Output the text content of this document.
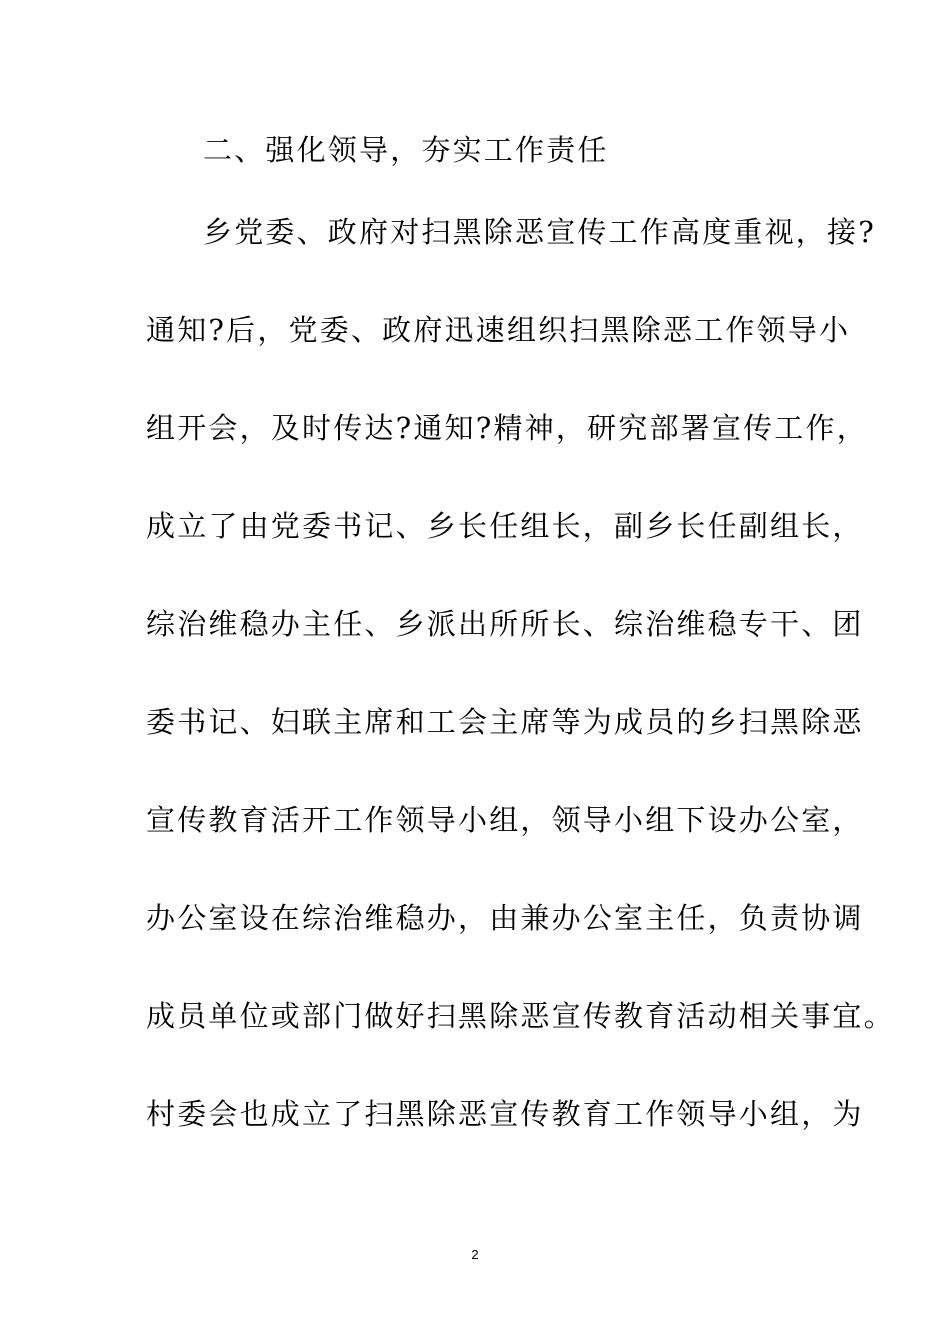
二、强化领导，夯实工作责任
乡党委、政府对扫黑除恶宣传工作高度重视，接?
通知?后，党委、政府迅速组织扫黑除恶工作领导小
组开会，及时传达?通知?精神，研究部署宣传工作，
成立了由党委书记、乡长任组长，副乡长任副组长，
综治维稳办主任、乡派出所所长、综治维稳专干、团
委书记、妇联主席和工会主席等为成员的乡扫黑除恶
宣传教育活开工作领导小组，领导小组下设办公室，
办公室设在综治维稳办，由兼办公室主任，负责协调
成员单位或部门做好扫黑除恶宣传教育活动相关事宜。
村委会也成立了扫黑除恶宣传教育工作领导小组，为
2
